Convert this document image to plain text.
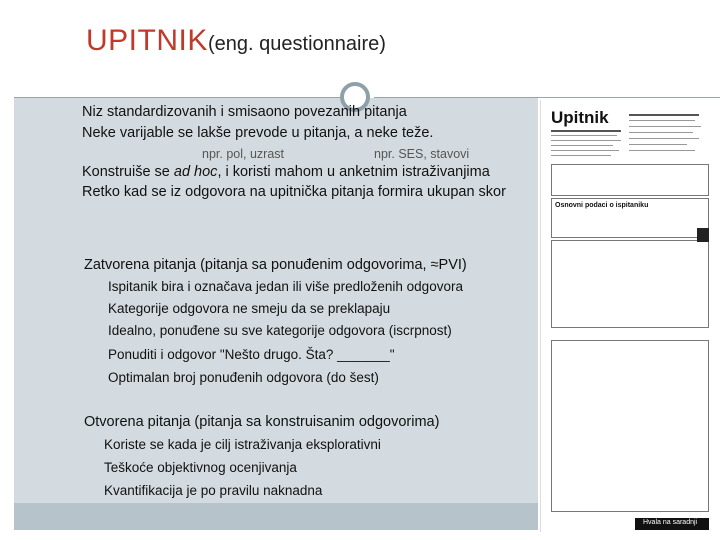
UPITNIK (eng. questionnaire)
Niz standardizovanih i smisaono povezanih pitanja
Neke varijable se lakše prevode u pitanja, a neke teže.
npr. pol, uzrast	npr. SES, stavovi
Konstruiše se ad hoc, i koristi mahom u anketnim istraživanjima
Retko kad se iz odgovora na upitnička pitanja formira ukupan skor
Zatvorena pitanja (pitanja sa ponuđenim odgovorima, ≈PVI)
Ispitanik bira i označava jedan ili više predloženih odgovora
Kategorije odgovora ne smeju da se preklapaju
Idealno, ponuđene su sve kategorije odgovora (iscrpnost)
Ponuditi i odgovor "Nešto drugo. Šta? _______"
Optimalan broj ponuđenih odgovora (do šest)
Otvorena pitanja (pitanja sa konstruisanim odgovorima)
Koriste se kada je cilj istraživanja eksplorativni
Teškoće objektivnog ocenjivanja
Kvantifikacija je po pravilu naknadna
Upitnik
Osnovni podaci o ispitaniku
Hvala na saradnji
